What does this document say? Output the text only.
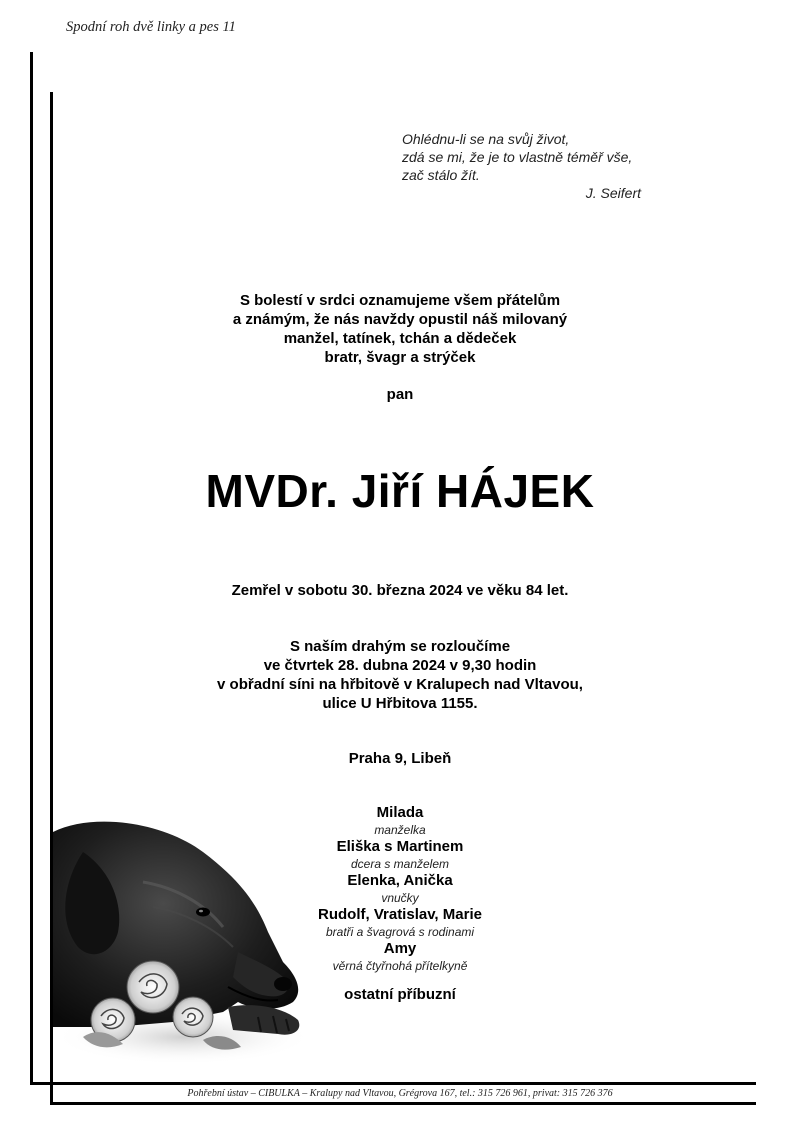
Spodní roh dvě linky a pes 11
Ohlédnu-li se na svůj život,
zdá se mi, že je to vlastně téměř vše,
zač stálo žít.
J. Seifert
S bolestí v srdci oznamujeme všem přátelům
a známým, že nás navždy opustil náš milovaný
manžel, tatínek, tchán a dědeček
bratr, švagr a strýček
pan
MVDr. Jiří HÁJEK
Zemřel v sobotu 30. března 2024 ve věku 84 let.
S naším drahým se rozloučíme
ve čtvrtek 28. dubna 2024 v 9,30 hodin
v obřadní síni na hřbitově v Kralupech nad Vltavou,
ulice U Hřbitova 1155.
Praha 9, Libeň
Milada
manželka
Eliška s Martinem
dcera s manželem
Elenka, Anička
vnučky
Rudolf, Vratislav, Marie
bratři a švagrová s rodinami
Amy
věrná čtyřnohá přítelkyně
ostatní příbuzní
Pohřební ústav – CIBULKA – Kralupy nad Vltavou, Grégrova 167, tel.: 315 726 961, privat: 315 726 376
